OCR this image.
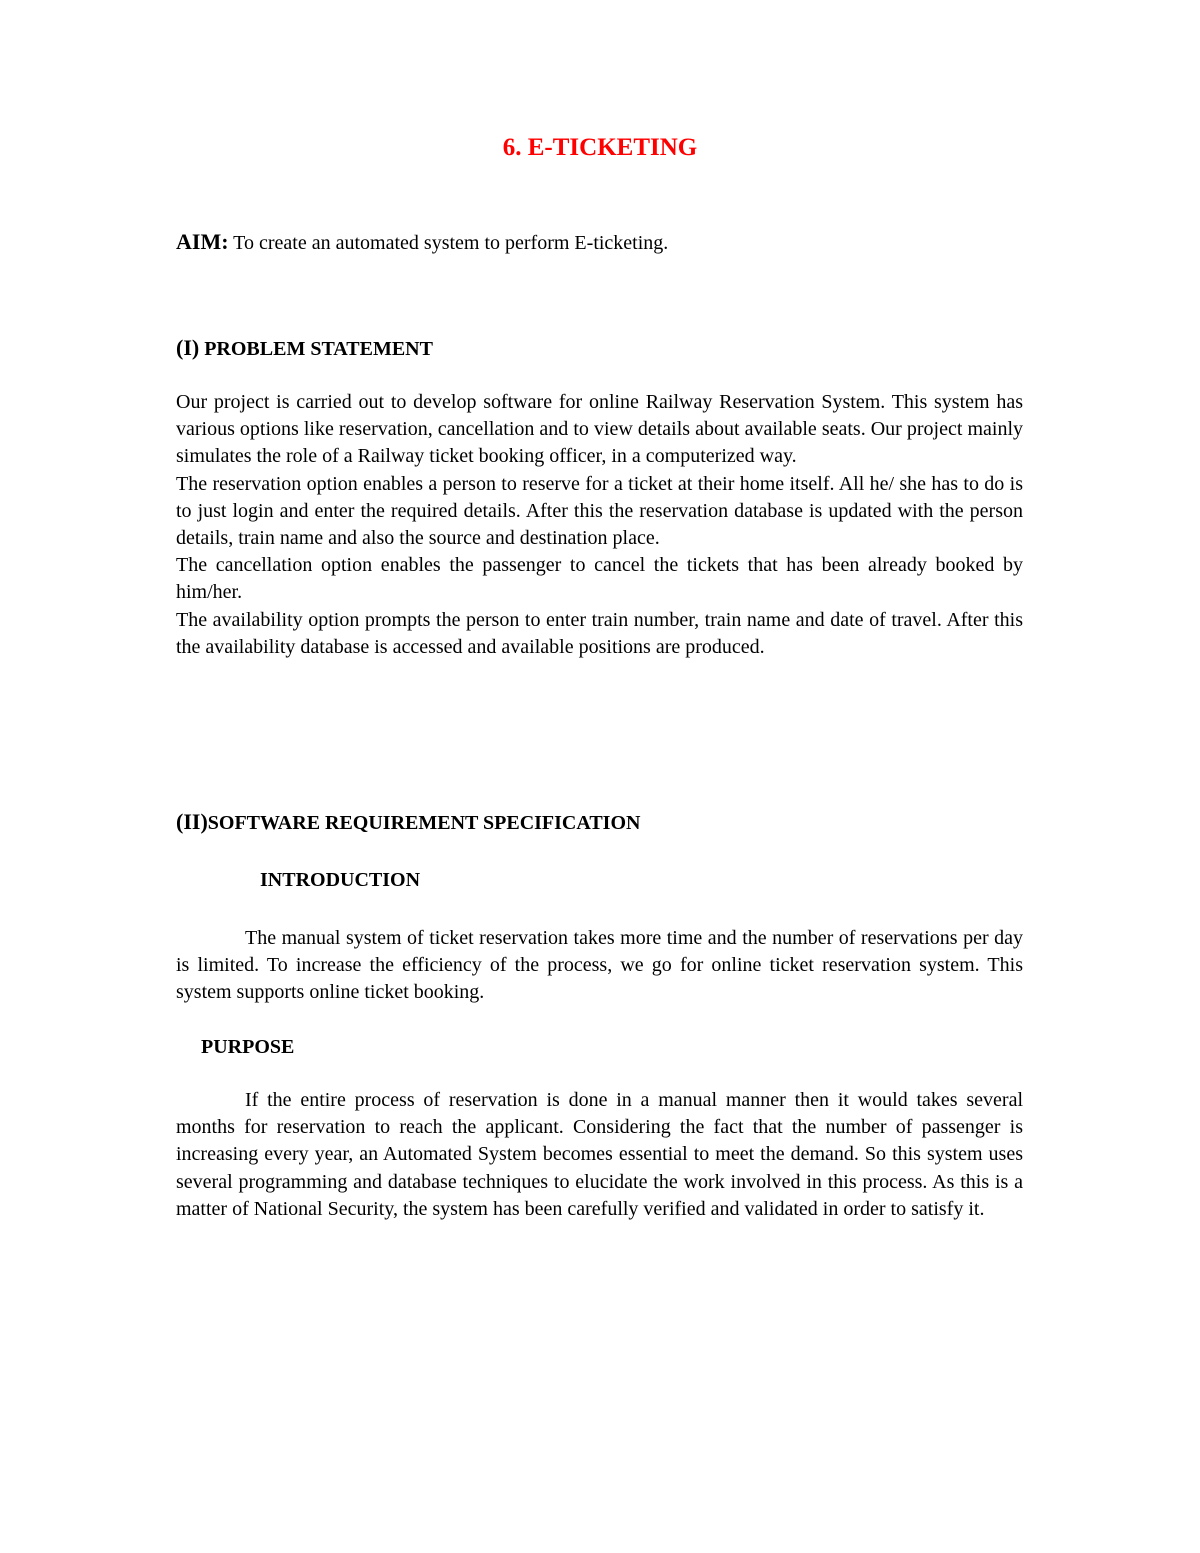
6. E-TICKETING

AIM: To create an automated system to perform E-ticketing.

(I) PROBLEM STATEMENT

Our project is carried out to develop software for online Railway Reservation System. This system has various options like reservation, cancellation and to view details about available seats. Our project mainly simulates the role of a Railway ticket booking officer, in a computerized way.

The reservation option enables a person to reserve for a ticket at their home itself. All he/ she has to do is to just login and enter the required details. After this the reservation database is updated with the person details, train name and also the source and destination place.

The cancellation option enables the passenger to cancel the tickets that has been already booked by him/her.

The availability option prompts the person to enter train number, train name and date of travel. After this the availability database is accessed and available positions are produced.

(II)SOFTWARE REQUIREMENT SPECIFICATION
INTRODUCTION

The manual system of ticket reservation takes more time and the number of reservations per day is limited. To increase the efficiency of the process, we go for online ticket reservation system. This system supports online ticket booking.

PURPOSE

If the entire process of reservation is done in a manual manner then it would takes several months for reservation to reach the applicant. Considering the fact that the number of passenger is increasing every year, an Automated System becomes essential to meet the demand. So this system uses several programming and database techniques to elucidate the work involved in this process. As this is a matter of National Security, the system has been carefully verified and validated in order to satisfy it.
